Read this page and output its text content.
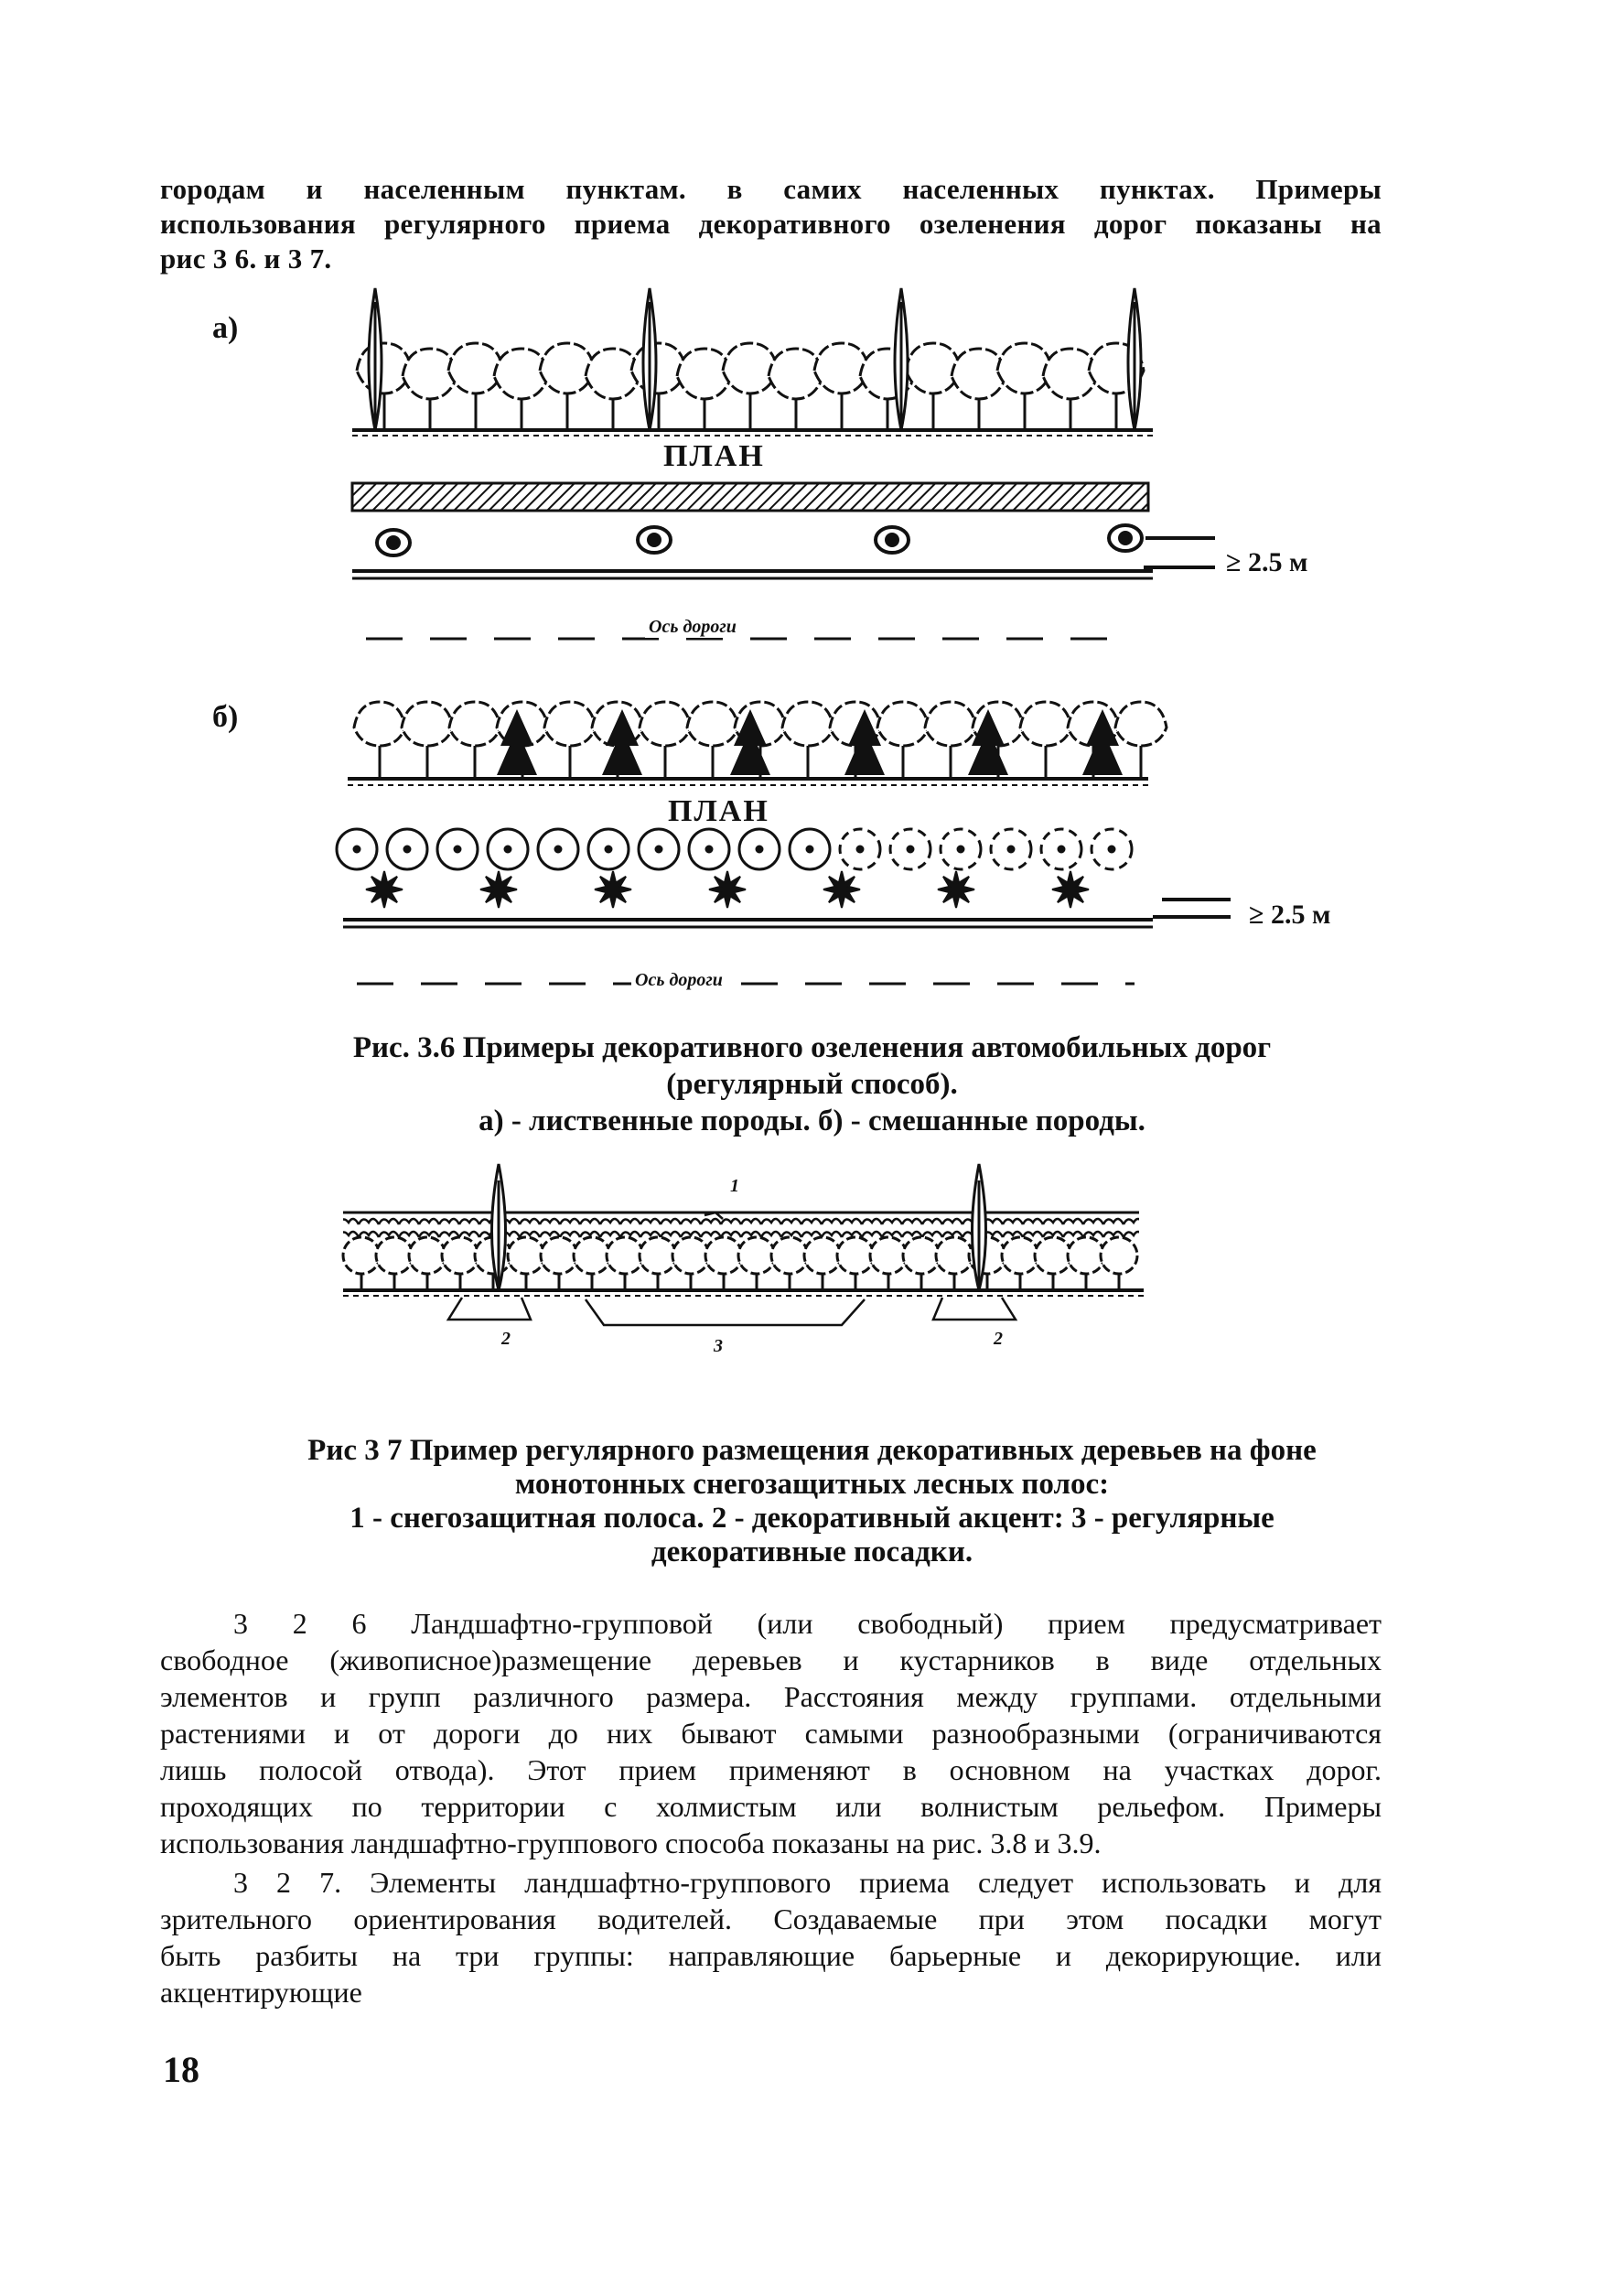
городам и населенным пунктам. в самих населенных пунктах. Примеры
использования регулярного приема декоративного озеленения дорог показаны на
рис 3 6. и 3 7.
а)
ПЛАН
≥ 2.5 м
Ось дороги
б)
ПЛАН
≥ 2.5 м
Ось дороги
Рис. 3.6 Примеры декоративного озеленения автомобильных дорог
(регулярный способ).
а) - лиственные породы. б) - смешанные породы.
1
2	3	2
Рис 3 7 Пример регулярного размещения декоративных деревьев на фоне
монотонных снегозащитных лесных полос:
1 - снегозащитная полоса. 2 - декоративный акцент: 3 - регулярные
декоративные посадки.
3 2 6 Ландшафтно-групповой (или свободный) прием предусматривает
свободное (живописное)размещение деревьев и кустарников в виде отдельных
элементов и групп различного размера. Расстояния между группами. отдельными
растениями и от дороги до них бывают самыми разнообразными (ограничиваются
лишь полосой отвода). Этот прием применяют в основном на участках дорог.
проходящих по территории с холмистым или волнистым рельефом. Примеры
использования ландшафтно-группового способа показаны на рис. 3.8 и 3.9.
3 2 7. Элементы ландшафтно-группового приема следует использовать и для
зрительного ориентирования водителей. Создаваемые при этом посадки могут
быть разбиты на три группы: направляющие барьерные и декорирующие. или
акцентирующие
18
